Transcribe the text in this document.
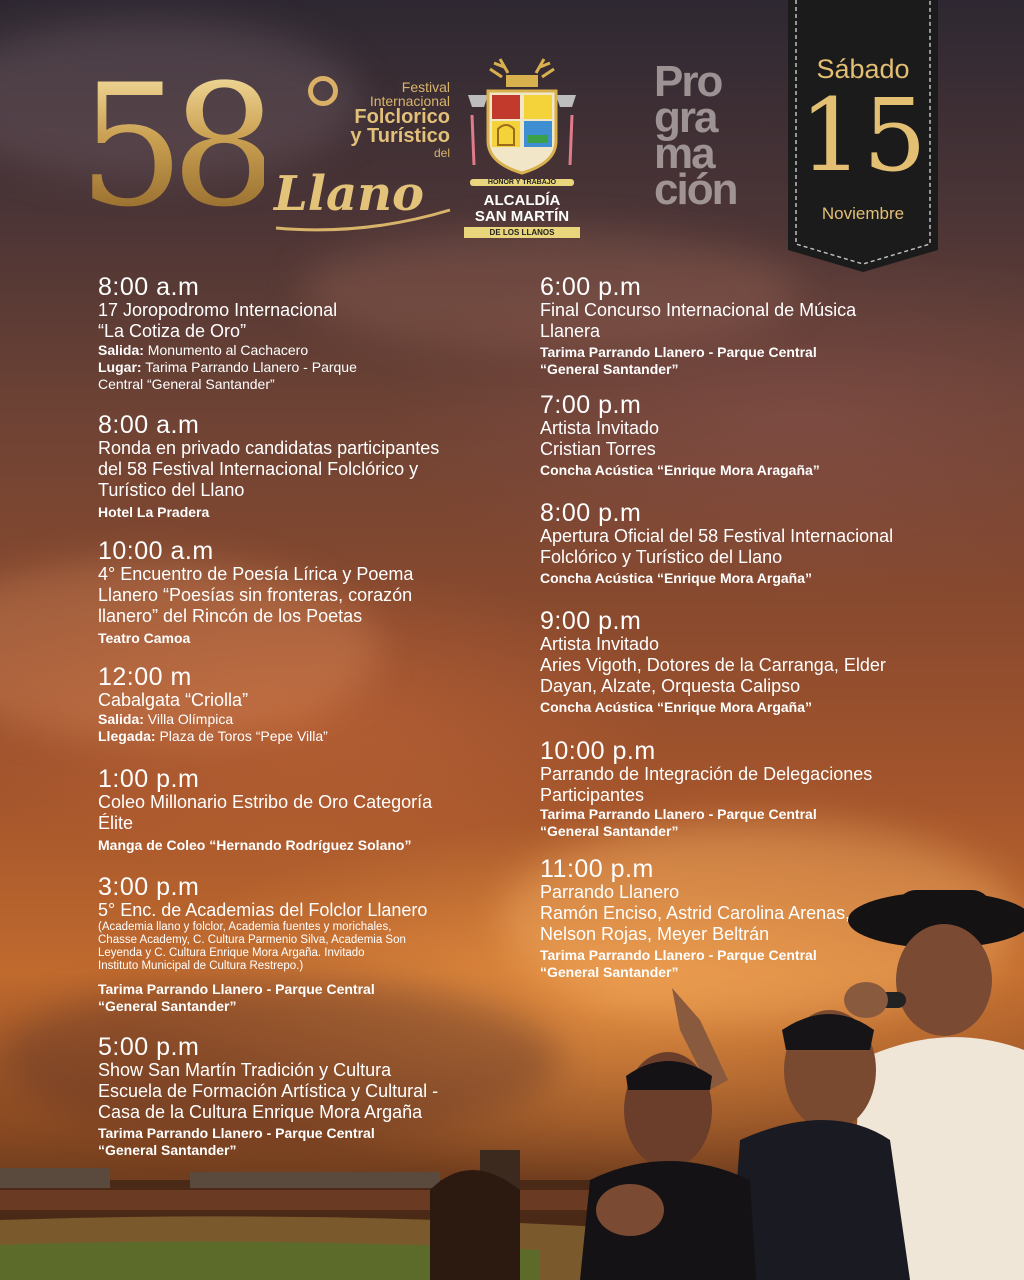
58	Festival
Internacional
Folclorico
y Turístico
del
Llano	HONOR Y TRABAJO
ALCALDÍA
SAN MARTÍN
DE LOS LLANOS
Pro
gra
ma
ción
Sábado
15
Noviembre
8:00 a.m
17 Joropodromo Internacional
“La Cotiza de Oro”
Salida: Monumento al Cachacero
Lugar: Tarima Parrando Llanero - Parque
Central “General Santander”
8:00 a.m
Ronda en privado candidatas participantes
del 58 Festival Internacional Folclórico y
Turístico del Llano
Hotel La Pradera
10:00 a.m
4° Encuentro de Poesía Lírica y Poema
Llanero “Poesías sin fronteras, corazón
llanero” del Rincón de los Poetas
Teatro Camoa
12:00 m
Cabalgata “Criolla”
Salida: Villa Olímpica
Llegada: Plaza de Toros “Pepe Villa”
1:00 p.m
Coleo Millonario Estribo de Oro Categoría
Élite
Manga de Coleo “Hernando Rodríguez Solano”
3:00 p.m
5° Enc. de Academias del Folclor Llanero
(Academia llano y folclor, Academia fuentes y morichales,
Chasse Academy, C. Cultura Parmenio Silva, Academia Son
Leyenda y C. Cultura Enrique Mora Argaña. Invitado
Instituto Municipal de Cultura Restrepo.)
Tarima Parrando Llanero - Parque Central
“General Santander”
5:00 p.m
Show San Martín Tradición y Cultura
Escuela de Formación Artística y Cultural -
Casa de la Cultura Enrique Mora Argaña
Tarima Parrando Llanero - Parque Central
“General Santander”
6:00 p.m
Final Concurso Internacional de Música
Llanera
Tarima Parrando Llanero - Parque Central
“General Santander”
7:00 p.m
Artista Invitado
Cristian Torres
Concha Acústica “Enrique Mora Aragaña”
8:00 p.m
Apertura Oficial del 58 Festival Internacional
Folclórico y Turístico del Llano
Concha Acústica “Enrique Mora Argaña”
9:00 p.m
Artista Invitado
Aries Vigoth, Dotores de la Carranga, Elder
Dayan, Alzate, Orquesta Calipso
Concha Acústica “Enrique Mora Argaña”
10:00 p.m
Parrando de Integración de Delegaciones
Participantes
Tarima Parrando Llanero - Parque Central
“General Santander”
11:00 p.m
Parrando Llanero
Ramón Enciso, Astrid Carolina Arenas,
Nelson Rojas, Meyer Beltrán
Tarima Parrando Llanero - Parque Central
“General Santander”
